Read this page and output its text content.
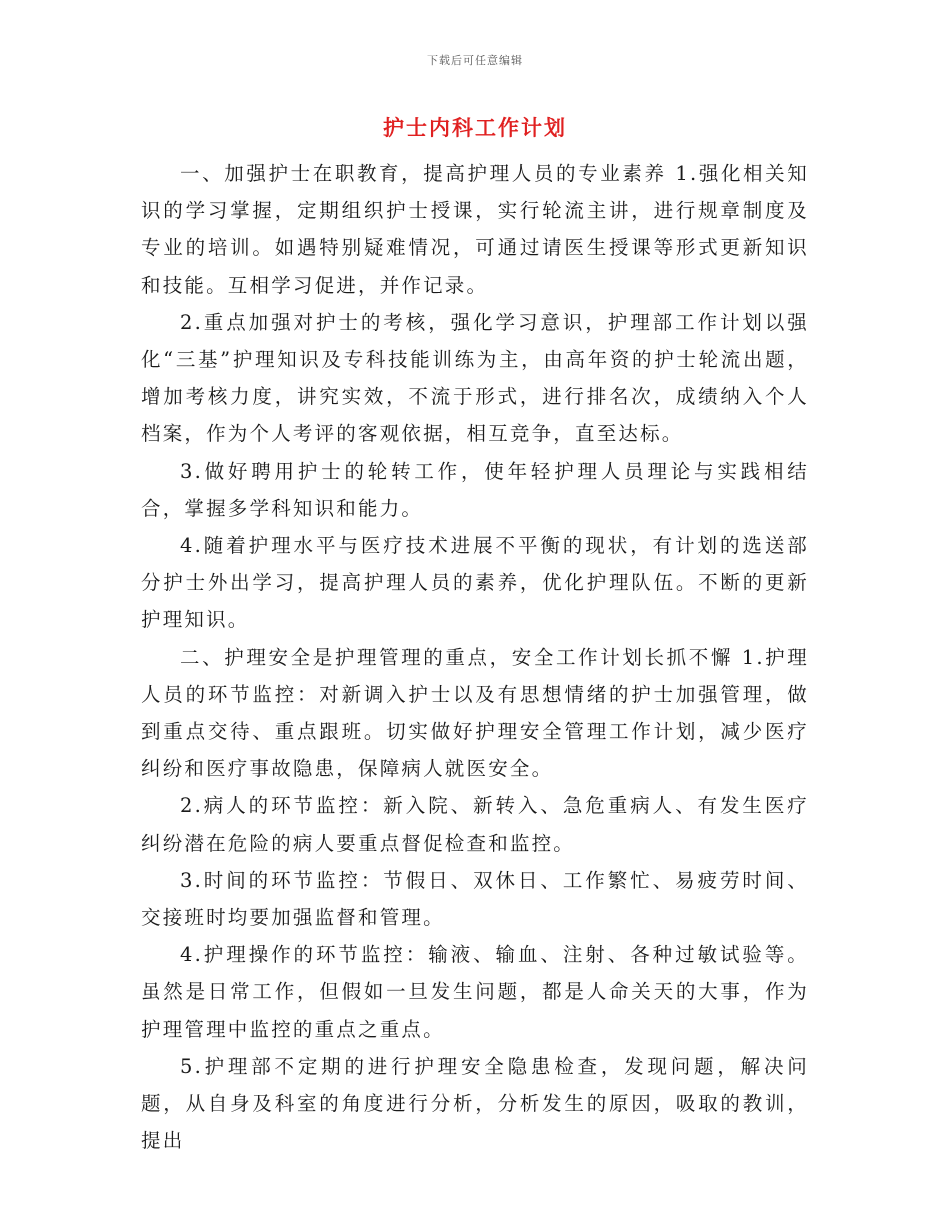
下载后可任意编辑
护士内科工作计划

一、加强护士在职教育，提高护理人员的专业素养 1.强化相关知识的学习掌握，定期组织护士授课，实行轮流主讲，进行规章制度及专业的培训。如遇特别疑难情况，可通过请医生授课等形式更新知识和技能。互相学习促进，并作记录。

2.重点加强对护士的考核，强化学习意识，护理部工作计划以强化“三基”护理知识及专科技能训练为主，由高年资的护士轮流出题，增加考核力度，讲究实效，不流于形式，进行排名次，成绩纳入个人档案，作为个人考评的客观依据，相互竞争，直至达标。

3.做好聘用护士的轮转工作，使年轻护理人员理论与实践相结合，掌握多学科知识和能力。

4.随着护理水平与医疗技术进展不平衡的现状，有计划的选送部分护士外出学习，提高护理人员的素养，优化护理队伍。不断的更新护理知识。

二、护理安全是护理管理的重点，安全工作计划长抓不懈 1.护理人员的环节监控：对新调入护士以及有思想情绪的护士加强管理，做到重点交待、重点跟班。切实做好护理安全管理工作计划，减少医疗纠纷和医疗事故隐患，保障病人就医安全。

2.病人的环节监控：新入院、新转入、急危重病人、有发生医疗纠纷潜在危险的病人要重点督促检查和监控。

3.时间的环节监控：节假日、双休日、工作繁忙、易疲劳时间、交接班时均要加强监督和管理。

4.护理操作的环节监控：输液、输血、注射、各种过敏试验等。虽然是日常工作，但假如一旦发生问题，都是人命关天的大事，作为护理管理中监控的重点之重点。

5.护理部不定期的进行护理安全隐患检查，发现问题，解决问题，从自身及科室的角度进行分析，分析发生的原因，吸取的教训，提出
